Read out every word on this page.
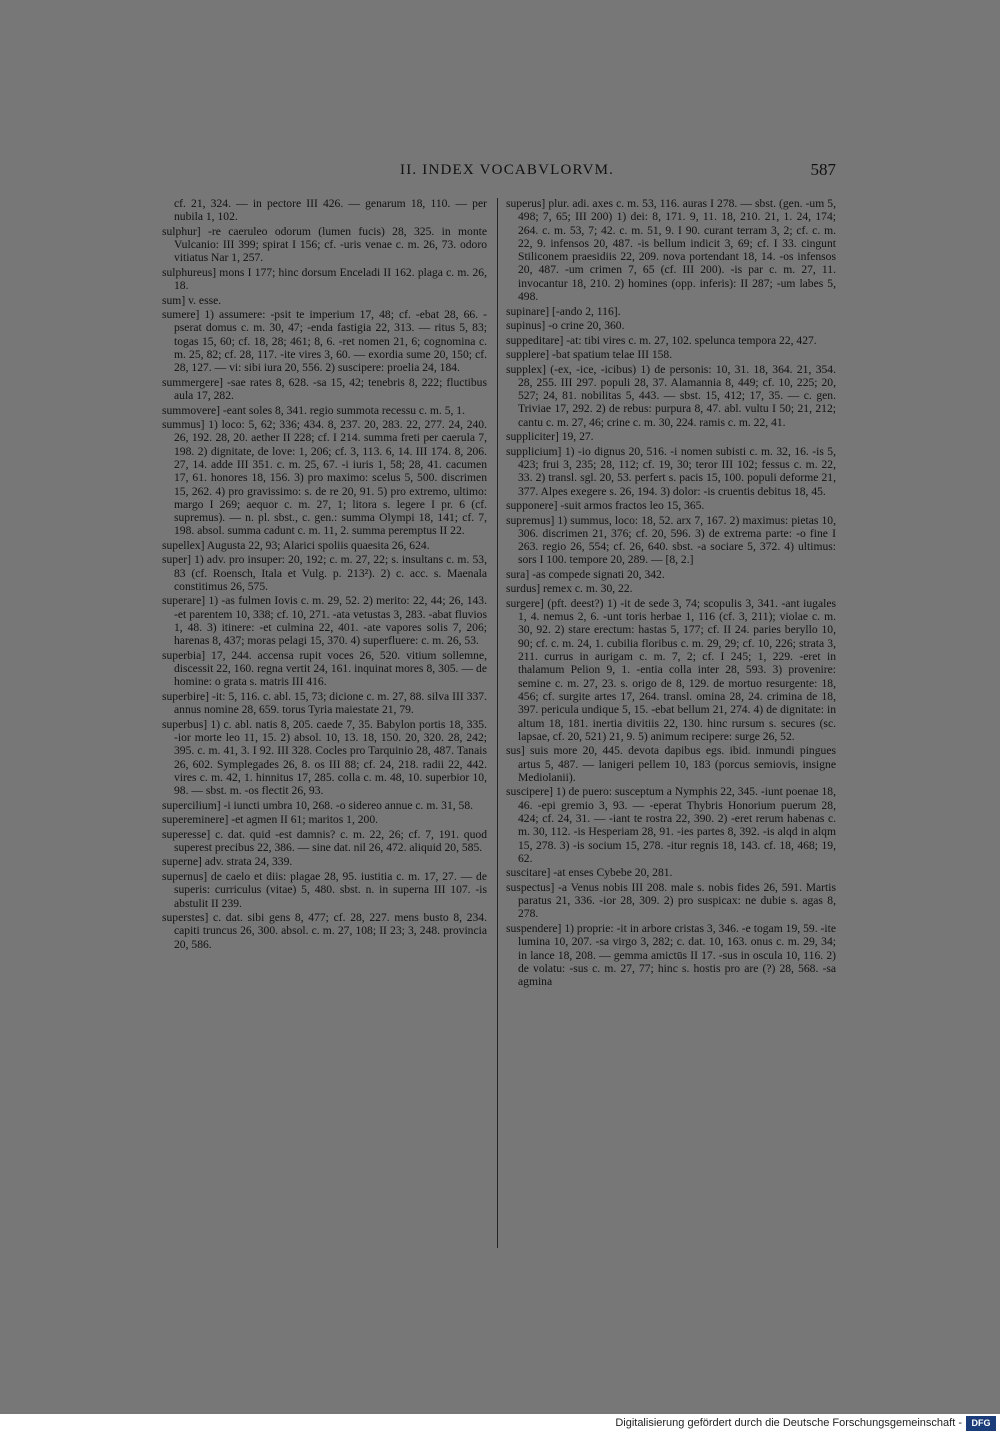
II. INDEX VOCABVLORVM.	587

cf. 21, 324. — in pectore III 426. — genarum 18, 110. — per nubila 1, 102.

sulphur] -re caeruleo odorum (lumen fucis) 28, 325. in monte Vulcanio: III 399; spirat I 156; cf. -uris venae c. m. 26, 73. odoro vitiatus Nar 1, 257.

sulphureus] mons I 177; hinc dorsum Enceladi II 162. plaga c. m. 26, 18.

sum] v. esse.

sumere] 1) assumere: -psit te imperium 17, 48; cf. -ebat 28, 66. -pserat domus c. m. 30, 47; -enda fastigia 22, 313. — ritus 5, 83; togas 15, 60; cf. 18, 28; 461; 8, 6. -ret nomen 21, 6; cognomina c. m. 25, 82; cf. 28, 117. -ite vires 3, 60. — exordia sume 20, 150; cf. 28, 127. — vi: sibi iura 20, 556. 2) suscipere: proelia 24, 184.

summergere] -sae rates 8, 628. -sa 15, 42; tenebris 8, 222; fluctibus aula 17, 282.

summovere] -eant soles 8, 341. regio summota recessu c. m. 5, 1.

summus] 1) loco: 5, 62; 336; 434. 8, 237. 20, 283. 22, 277. 24, 240. 26, 192. 28, 20. aether II 228; cf. I 214. summa freti per caerula 7, 198. 2) dignitate, de love: 1, 206; cf. 3, 113. 6, 14. III 174. 8, 206. 27, 14. adde III 351. c. m. 25, 67. -i iuris 1, 58; 28, 41. cacumen 17, 61. honores 18, 156. 3) pro maximo: scelus 5, 500. discrimen 15, 262. 4) pro gravissimo: s. de re 20, 91. 5) pro extremo, ultimo: margo I 269; aequor c. m. 27, 1; litora s. legere I pr. 6 (cf. supremus). — n. pl. sbst., c. gen.: summa Olympi 18, 141; cf. 7, 198. absol. summa cadunt c. m. 11, 2. summa peremptus II 22.

supellex] Augusta 22, 93; Alarici spoliis quaesita 26, 624.

super] 1) adv. pro insuper: 20, 192; c. m. 27, 22; s. insultans c. m. 53, 83 (cf. Roensch, Itala et Vulg. p. 213²). 2) c. acc. s. Maenala constitimus 26, 575.

superare] 1) -as fulmen Iovis c. m. 29, 52. 2) merito: 22, 44; 26, 143. -et parentem 10, 338; cf. 10, 271. -ata vetustas 3, 283. -abat fluvios 1, 48. 3) itinere: -et culmina 22, 401. -ate vapores solis 7, 206; harenas 8, 437; moras pelagi 15, 370. 4) superfluere: c. m. 26, 53.

superbia] 17, 244. accensa rupit voces 26, 520. vitium sollemne, discessit 22, 160. regna vertit 24, 161. inquinat mores 8, 305. — de homine: o grata s. matris III 416.

superbire] -it: 5, 116. c. abl. 15, 73; dicione c. m. 27, 88. silva III 337. annus nomine 28, 659. torus Tyria maiestate 21, 79.

superbus] 1) c. abl. natis 8, 205. caede 7, 35. Babylon portis 18, 335. -ior morte leo 11, 15. 2) absol. 10, 13. 18, 150. 20, 320. 28, 242; 395. c. m. 41, 3. I 92. III 328. Cocles pro Tarquinio 28, 487. Tanais 26, 602. Symplegades 26, 8. os III 88; cf. 24, 218. radii 22, 442. vires c. m. 42, 1. hinnitus 17, 285. colla c. m. 48, 10. superbior 10, 98. — sbst. m. -os flectit 26, 93.

supercilium] -i iuncti umbra 10, 268. -o sidereo annue c. m. 31, 58.

supereminere] -et agmen II 61; maritos 1, 200.

superesse] c. dat. quid -est damnis? c. m. 22, 26; cf. 7, 191. quod superest precibus 22, 386. — sine dat. nil 26, 472. aliquid 20, 585.

superne] adv. strata 24, 339.

supernus] de caelo et diis: plagae 28, 95. iustitia c. m. 17, 27. — de superis: curriculus (vitae) 5, 480. sbst. n. in superna III 107. -is abstulit II 239.

superstes] c. dat. sibi gens 8, 477; cf. 28, 227. mens busto 8, 234. capiti truncus 26, 300. absol. c. m. 27, 108; II 23; 3, 248. provincia 20, 586.

superus] plur. adi. axes c. m. 53, 116. auras I 278. — sbst. (gen. -um 5, 498; 7, 65; III 200) 1) dei: 8, 171. 9, 11. 18, 210. 21, 1. 24, 174; 264. c. m. 53, 7; 42. c. m. 51, 9. I 90. curant terram 3, 2; cf. c. m. 22, 9. infensos 20, 487. -is bellum indicit 3, 69; cf. I 33. cingunt Stiliconem praesidiis 22, 209. nova portendant 18, 14. -os infensos 20, 487. -um crimen 7, 65 (cf. III 200). -is par c. m. 27, 11. invocantur 18, 210. 2) homines (opp. inferis): II 287; -um labes 5, 498.

supinare] [-ando 2, 116].

supinus] -o crine 20, 360.

suppeditare] -at: tibi vires c. m. 27, 102. spelunca tempora 22, 427.

supplere] -bat spatium telae III 158.

supplex] (-ex, -ice, -icibus) 1) de personis: 10, 31. 18, 364. 21, 354. 28, 255. III 297. populi 28, 37. Alamannia 8, 449; cf. 10, 225; 20, 527; 24, 81. nobilitas 5, 443. — sbst. 15, 412; 17, 35. — c. gen. Triviae 17, 292. 2) de rebus: purpura 8, 47. abl. vultu I 50; 21, 212; cantu c. m. 27, 46; crine c. m. 30, 224. ramis c. m. 22, 41.

suppliciter] 19, 27.

supplicium] 1) -io dignus 20, 516. -i nomen subisti c. m. 32, 16. -is 5, 423; frui 3, 235; 28, 112; cf. 19, 30; teror III 102; fessus c. m. 22, 33. 2) transl. sgl. 20, 53. perfert s. pacis 15, 100. populi deforme 21, 377. Alpes exegere s. 26, 194. 3) dolor: -is cruentis debitus 18, 45.

supponere] -suit armos fractos leo 15, 365.

supremus] 1) summus, loco: 18, 52. arx 7, 167. 2) maximus: pietas 10, 306. discrimen 21, 376; cf. 20, 596. 3) de extrema parte: -o fine I 263. regio 26, 554; cf. 26, 640. sbst. -a sociare 5, 372. 4) ultimus: sors I 100. tempore 20, 289. — [8, 2.]

sura] -as compede signati 20, 342.

surdus] remex c. m. 30, 22.

surgere] (pft. deest?) 1) -it de sede 3, 74; scopulis 3, 341. -ant iugales 1, 4. nemus 2, 6. -unt toris herbae 1, 116 (cf. 3, 211); violae c. m. 30, 92. 2) stare erectum: hastas 5, 177; cf. II 24. paries beryllo 10, 90; cf. c. m. 24, 1. cubilia floribus c. m. 29, 29; cf. 10, 226; strata 3, 211. currus in aurigam c. m. 7, 2; cf. I 245; 1, 229. -eret in thalamum Pelion 9, 1. -entia colla inter 28, 593. 3) provenire: semine c. m. 27, 23. s. origo de 8, 129. de mortuo resurgente: 18, 456; cf. surgite artes 17, 264. transl. omina 28, 24. crimina de 18, 397. pericula undique 5, 15. -ebat bellum 21, 274. 4) de dignitate: in altum 18, 181. inertia divitiis 22, 130. hinc rursum s. secures (sc. lapsae, cf. 20, 521) 21, 9. 5) animum recipere: surge 26, 52.

sus] suis more 20, 445. devota dapibus egs. ibid. inmundi pingues artus 5, 487. — lanigeri pellem 10, 183 (porcus semiovis, insigne Mediolanii).

suscipere] 1) de puero: susceptum a Nymphis 22, 345. -iunt poenae 18, 46. -epi gremio 3, 93. — -eperat Thybris Honorium puerum 28, 424; cf. 24, 31. — -iant te rostra 22, 390. 2) -eret rerum habenas c. m. 30, 112. -is Hesperiam 28, 91. -ies partes 8, 392. -is alqd in alqm 15, 278. 3) -is socium 15, 278. -itur regnis 18, 143. cf. 18, 468; 19, 62.

suscitare] -at enses Cybebe 20, 281.

suspectus] -a Venus nobis III 208. male s. nobis fides 26, 591. Martis paratus 21, 336. -ior 28, 309. 2) pro suspicax: ne dubie s. agas 8, 278.

suspendere] 1) proprie: -it in arbore cristas 3, 346. -e togam 19, 59. -ite lumina 10, 207. -sa virgo 3, 282; c. dat. 10, 163. onus c. m. 29, 34; in lance 18, 208. — gemma amictūs II 17. -sus in oscula 10, 116. 2) de volatu: -sus c. m. 27, 77; hinc s. hostis pro are (?) 28, 568. -sa agmina

Digitalisierung gefördert durch die Deutsche Forschungsgemeinschaft -	DFG
